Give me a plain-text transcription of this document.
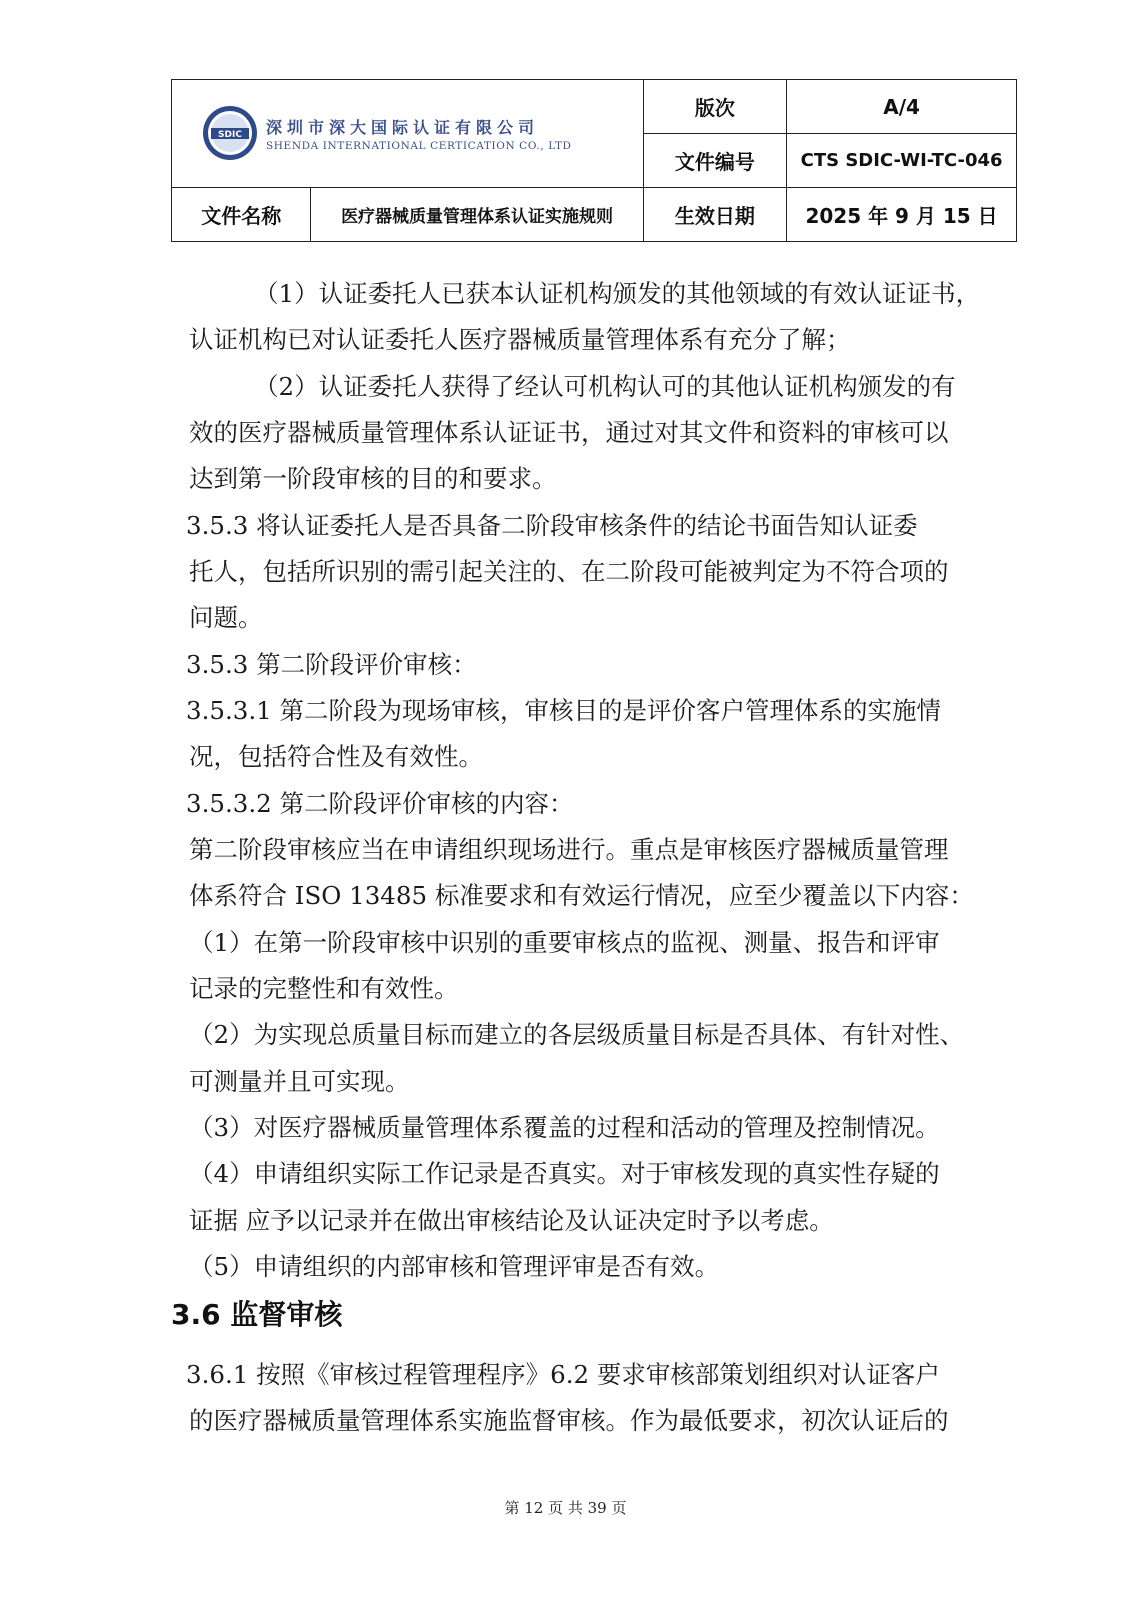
SDIC 深圳市深大国际认证有限公司
SHENDA INTERNATIONAL CERTICATION CO., LTD		版次	A/4
		文件编号	CTS SDIC-WI-TC-046
文件名称	医疗器械质量管理体系认证实施规则	生效日期	2025 年 9 月 15 日
（1）认证委托人已获本认证机构颁发的其他领域的有效认证证书，
认证机构已对认证委托人医疗器械质量管理体系有充分了解；
（2）认证委托人获得了经认可机构认可的其他认证机构颁发的有
效的医疗器械质量管理体系认证证书，通过对其文件和资料的审核可以
达到第一阶段审核的目的和要求。
3.5.3 将认证委托人是否具备二阶段审核条件的结论书面告知认证委
托人，包括所识别的需引起关注的、在二阶段可能被判定为不符合项的
问题。
3.5.3 第二阶段评价审核：
3.5.3.1 第二阶段为现场审核，审核目的是评价客户管理体系的实施情
况，包括符合性及有效性。
3.5.3.2 第二阶段评价审核的内容：
第二阶段审核应当在申请组织现场进行。重点是审核医疗器械质量管理
体系符合 ISO 13485 标准要求和有效运行情况，应至少覆盖以下内容：
（1）在第一阶段审核中识别的重要审核点的监视、测量、报告和评审
记录的完整性和有效性。
（2）为实现总质量目标而建立的各层级质量目标是否具体、有针对性、
可测量并且可实现。
（3）对医疗器械质量管理体系覆盖的过程和活动的管理及控制情况。
（4）申请组织实际工作记录是否真实。对于审核发现的真实性存疑的
证据 应予以记录并在做出审核结论及认证决定时予以考虑。
（5）申请组织的内部审核和管理评审是否有效。
3.6 监督审核
3.6.1 按照《审核过程管理程序》6.2 要求审核部策划组织对认证客户
的医疗器械质量管理体系实施监督审核。作为最低要求，初次认证后的
第 12 页 共 39 页
